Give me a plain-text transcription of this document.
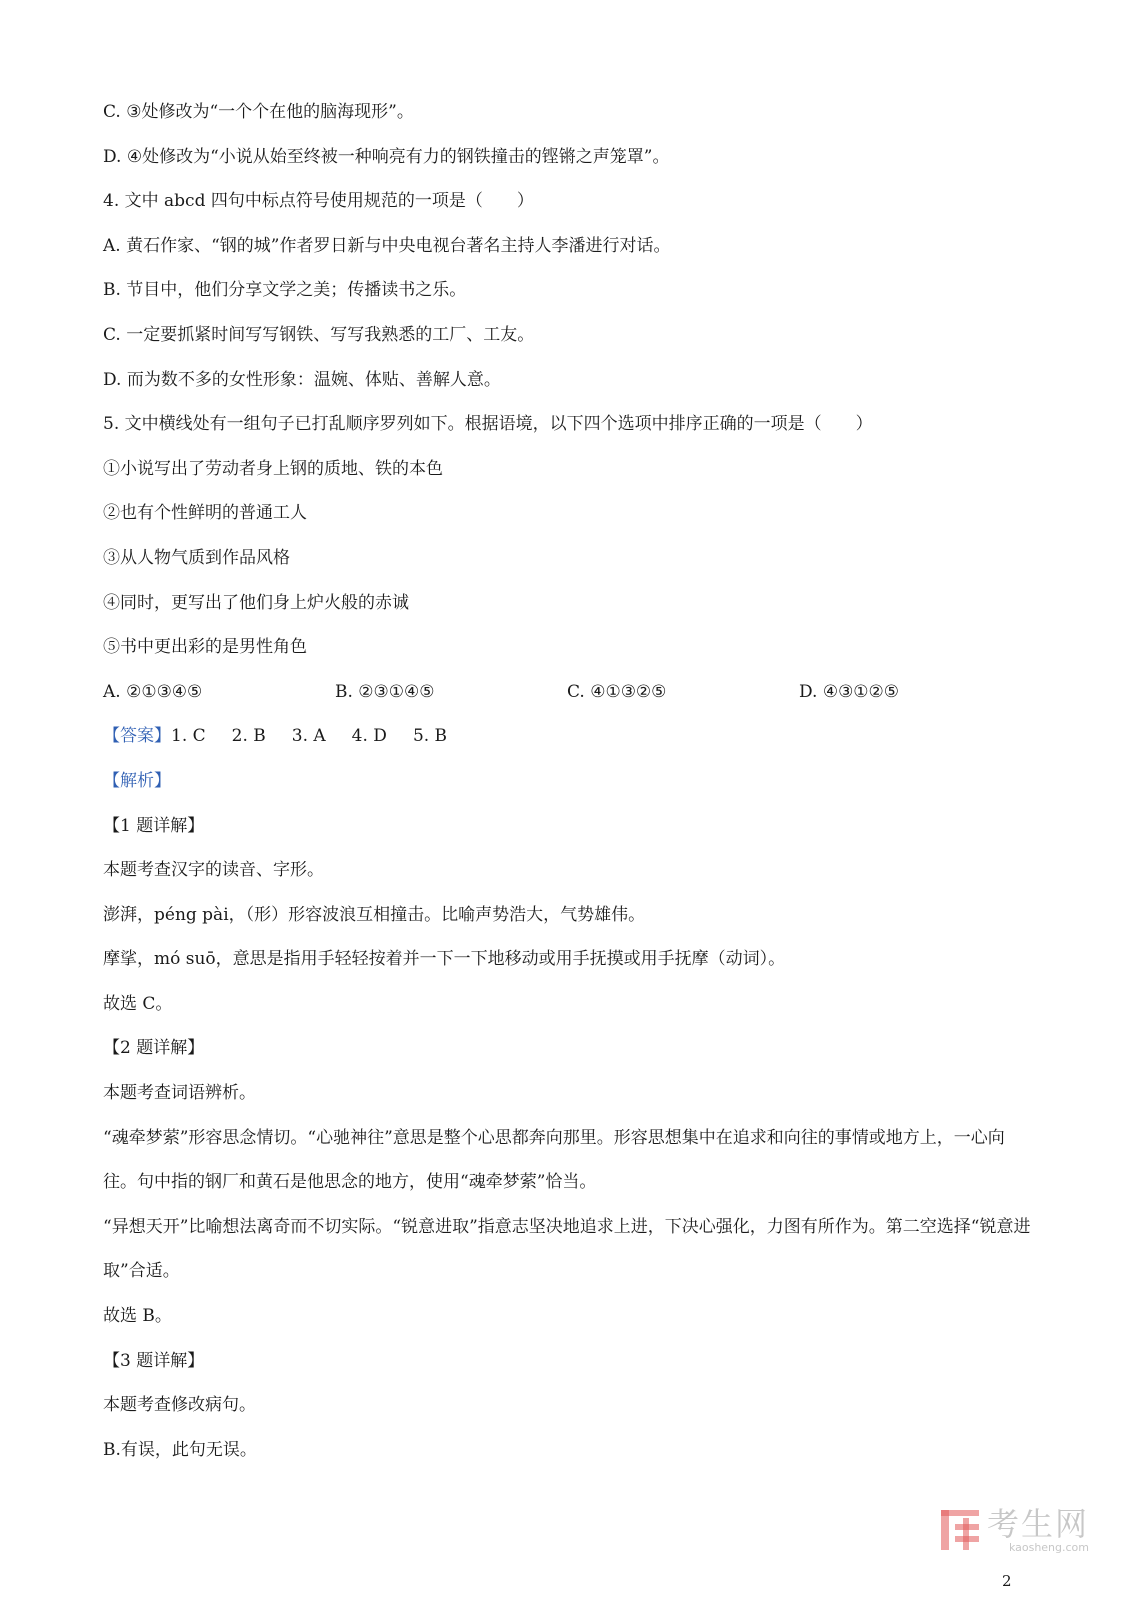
C. ③处修改为“一个个在他的脑海现形”。
D. ④处修改为“小说从始至终被一种响亮有力的钢铁撞击的铿锵之声笼罩”。
4. 文中 abcd 四句中标点符号使用规范的一项是（　　）
A. 黄石作家、“钢的城”作者罗日新与中央电视台著名主持人李潘进行对话。
B. 节目中，他们分享文学之美；传播读书之乐。
C. 一定要抓紧时间写写钢铁、写写我熟悉的工厂、工友。
D. 而为数不多的女性形象：温婉、体贴、善解人意。
5. 文中横线处有一组句子已打乱顺序罗列如下。根据语境，以下四个选项中排序正确的一项是（　　）
①小说写出了劳动者身上钢的质地、铁的本色
②也有个性鲜明的普通工人
③从人物气质到作品风格
④同时，更写出了他们身上炉火般的赤诚
⑤书中更出彩的是男性角色
A. ②①③④⑤	B. ②③①④⑤	C. ④①③②⑤	D. ④③①②⑤
【答案】 1. C 2. B 3. A 4. D 5. B
【解析】
【1 题详解】
本题考查汉字的读音、字形。
澎湃，péng pài，（形）形容波浪互相撞击。比喻声势浩大，气势雄伟。
摩挲，mó suō，意思是指用手轻轻按着并一下一下地移动或用手抚摸或用手抚摩（动词）。
故选 C。
【2 题详解】
本题考查词语辨析。
“魂牵梦萦”形容思念情切。“心驰神往”意思是整个心思都奔向那里。形容思想集中在追求和向往的事情或地方上，一心向往。句中指的钢厂和黄石是他思念的地方，使用“魂牵梦萦”恰当。
“异想天开”比喻想法离奇而不切实际。“锐意进取”指意志坚决地追求上进，下决心强化，力图有所作为。第二空选择“锐意进取”合适。
故选 B。
【3 题详解】
本题考查修改病句。
B.有误，此句无误。
考生网
kaosheng.com
2
